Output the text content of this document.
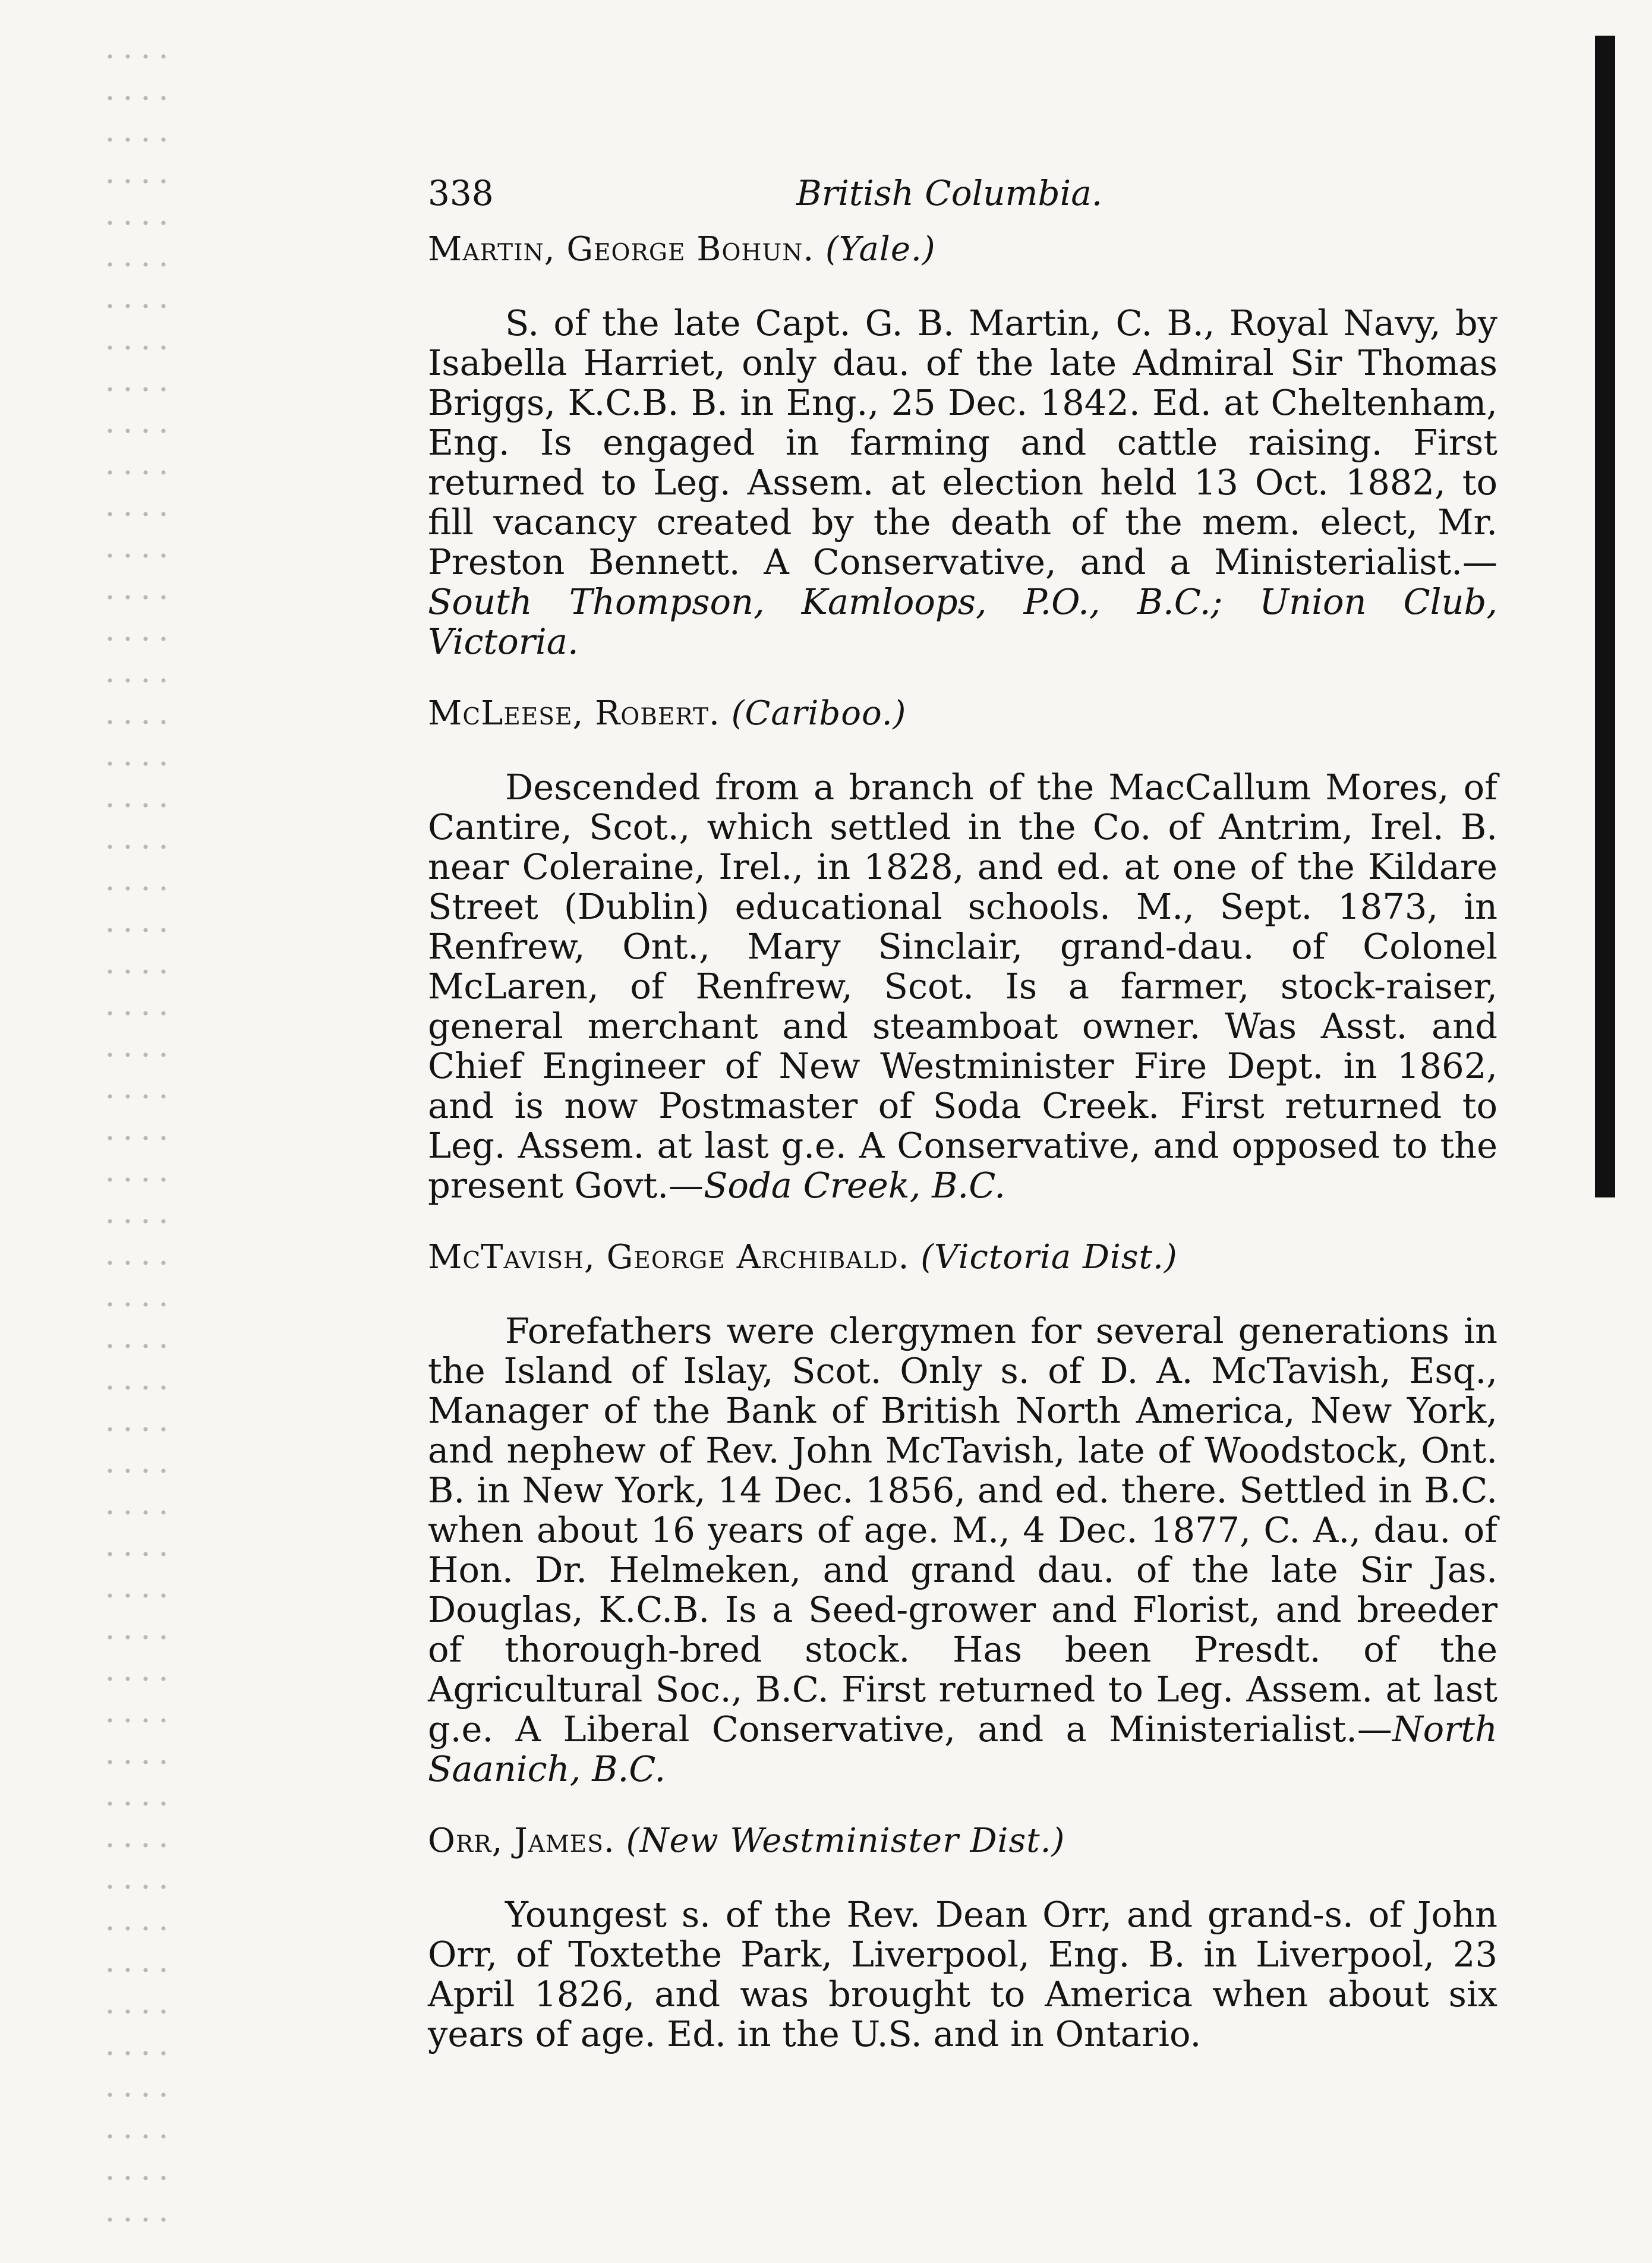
338	British Columbia.

Martin, George Bohun. (Yale.)

S. of the late Capt. G. B. Martin, C. B., Royal Navy, by Isabella Harriet, only dau. of the late Admiral Sir Thomas Briggs, K.C.B. B. in Eng., 25 Dec. 1842. Ed. at Cheltenham, Eng. Is engaged in farming and cattle raising. First returned to Leg. Assem. at election held 13 Oct. 1882, to fill vacancy created by the death of the mem. elect, Mr. Preston Bennett. A Conservative, and a Ministerialist.—South Thompson, Kamloops, P.O., B.C.; Union Club, Victoria.

McLeese, Robert. (Cariboo.)

Descended from a branch of the MacCallum Mores, of Cantire, Scot., which settled in the Co. of Antrim, Irel. B. near Coleraine, Irel., in 1828, and ed. at one of the Kildare Street (Dublin) educational schools. M., Sept. 1873, in Renfrew, Ont., Mary Sinclair, grand-dau. of Colonel McLaren, of Renfrew, Scot. Is a farmer, stock-raiser, general merchant and steamboat owner. Was Asst. and Chief Engineer of New Westminister Fire Dept. in 1862, and is now Postmaster of Soda Creek. First returned to Leg. Assem. at last g.e. A Conservative, and opposed to the present Govt.—Soda Creek, B.C.

McTavish, George Archibald. (Victoria Dist.)

Forefathers were clergymen for several generations in the Island of Islay, Scot. Only s. of D. A. McTavish, Esq., Manager of the Bank of British North America, New York, and nephew of Rev. John McTavish, late of Woodstock, Ont. B. in New York, 14 Dec. 1856, and ed. there. Settled in B.C. when about 16 years of age. M., 4 Dec. 1877, C. A., dau. of Hon. Dr. Helmeken, and grand dau. of the late Sir Jas. Douglas, K.C.B. Is a Seed-grower and Florist, and breeder of thorough-bred stock. Has been Presdt. of the Agricultural Soc., B.C. First returned to Leg. Assem. at last g.e. A Liberal Conservative, and a Ministerialist.—North Saanich, B.C.

Orr, James. (New Westminister Dist.)

Youngest s. of the Rev. Dean Orr, and grand-s. of John Orr, of Toxtethe Park, Liverpool, Eng. B. in Liverpool, 23 April 1826, and was brought to America when about six years of age. Ed. in the U.S. and in Ontario.
